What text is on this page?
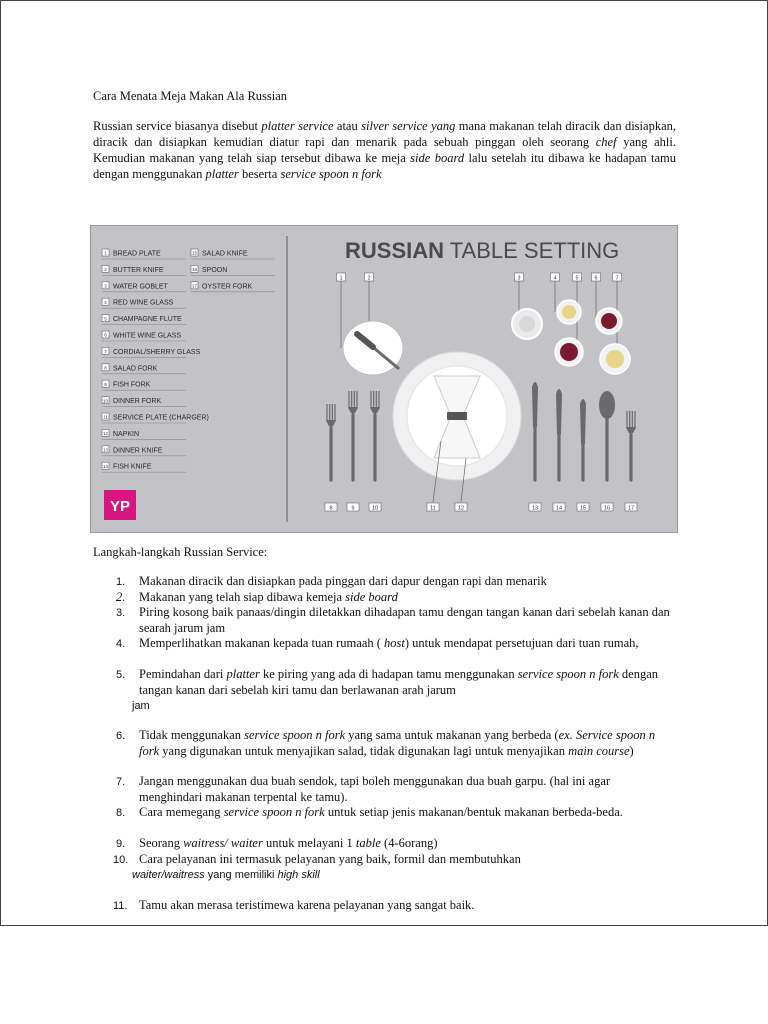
Cara Menata Meja Makan Ala Russian

Russian service biasanya disebut platter service atau silver service yang mana makanan telah diracik dan disiapkan, diracik dan disiapkan kemudian diatur rapi dan menarik pada sebuah pinggan oleh seorang chef yang ahli. Kemudian makanan yang telah siap tersebut dibawa ke meja side board lalu setelah itu dibawa ke hadapan tamu dengan menggunakan platter beserta service spoon n fork

RUSSIAN TABLE SETTING
1 BREAD PLATE
2 BUTTER KNIFE
3 WATER GOBLET
4 RED WINE GLASS
5 CHAMPAGNE FLUTE
6 WHITE WINE GLASS
7 CORDIAL/SHERRY GLASS
8 SALAD FORK
9 FISH FORK
10 DINNER FORK
11 SERVICE PLATE (CHARGER)
12 NAPKIN
13 DINNER KNIFE
14 FISH KNIFE
15 SALAD KNIFE
16 SPOON
17 OYSTER FORK
YP
1	2	3	4	5	6	7
8	9	10	11	12	13	14	15	16	17
Langkah-langkah Russian Service:
1. Makanan diracik dan disiapkan pada pinggan dari dapur dengan rapi dan menarik
2. Makanan yang telah siap dibawa kemeja side board
3. Piring kosong baik panaas/dingin diletakkan dihadapan tamu dengan tangan kanan dari sebelah kanan dan searah jarum jam
4. Memperlihatkan makanan kepada tuan rumaah ( host) untuk mendapat persetujuan dari tuan rumah,
5. Pemindahan dari platter ke piring yang ada di hadapan tamu menggunakan service spoon n fork dengan tangan kanan dari sebelah kiri tamu dan berlawanan arah jarum
jam
6. Tidak menggunakan service spoon n fork yang sama untuk makanan yang berbeda (ex. Service spoon n fork yang digunakan untuk menyajikan salad, tidak digunakan lagi untuk menyajikan main course)
7. Jangan menggunakan dua buah sendok, tapi boleh menggunakan dua buah garpu. (hal ini agar menghindari makanan terpental ke tamu).
8. Cara memegang service spoon n fork untuk setiap jenis makanan/bentuk makanan berbeda-beda.
9. Seorang waitress/ waiter untuk melayani 1 table (4-6orang)
10. Cara pelayanan ini termasuk pelayanan yang baik, formil dan membutuhkan
waiter/waitress yang memiliki high skill
11. Tamu akan merasa teristimewa karena pelayanan yang sangat baik.
